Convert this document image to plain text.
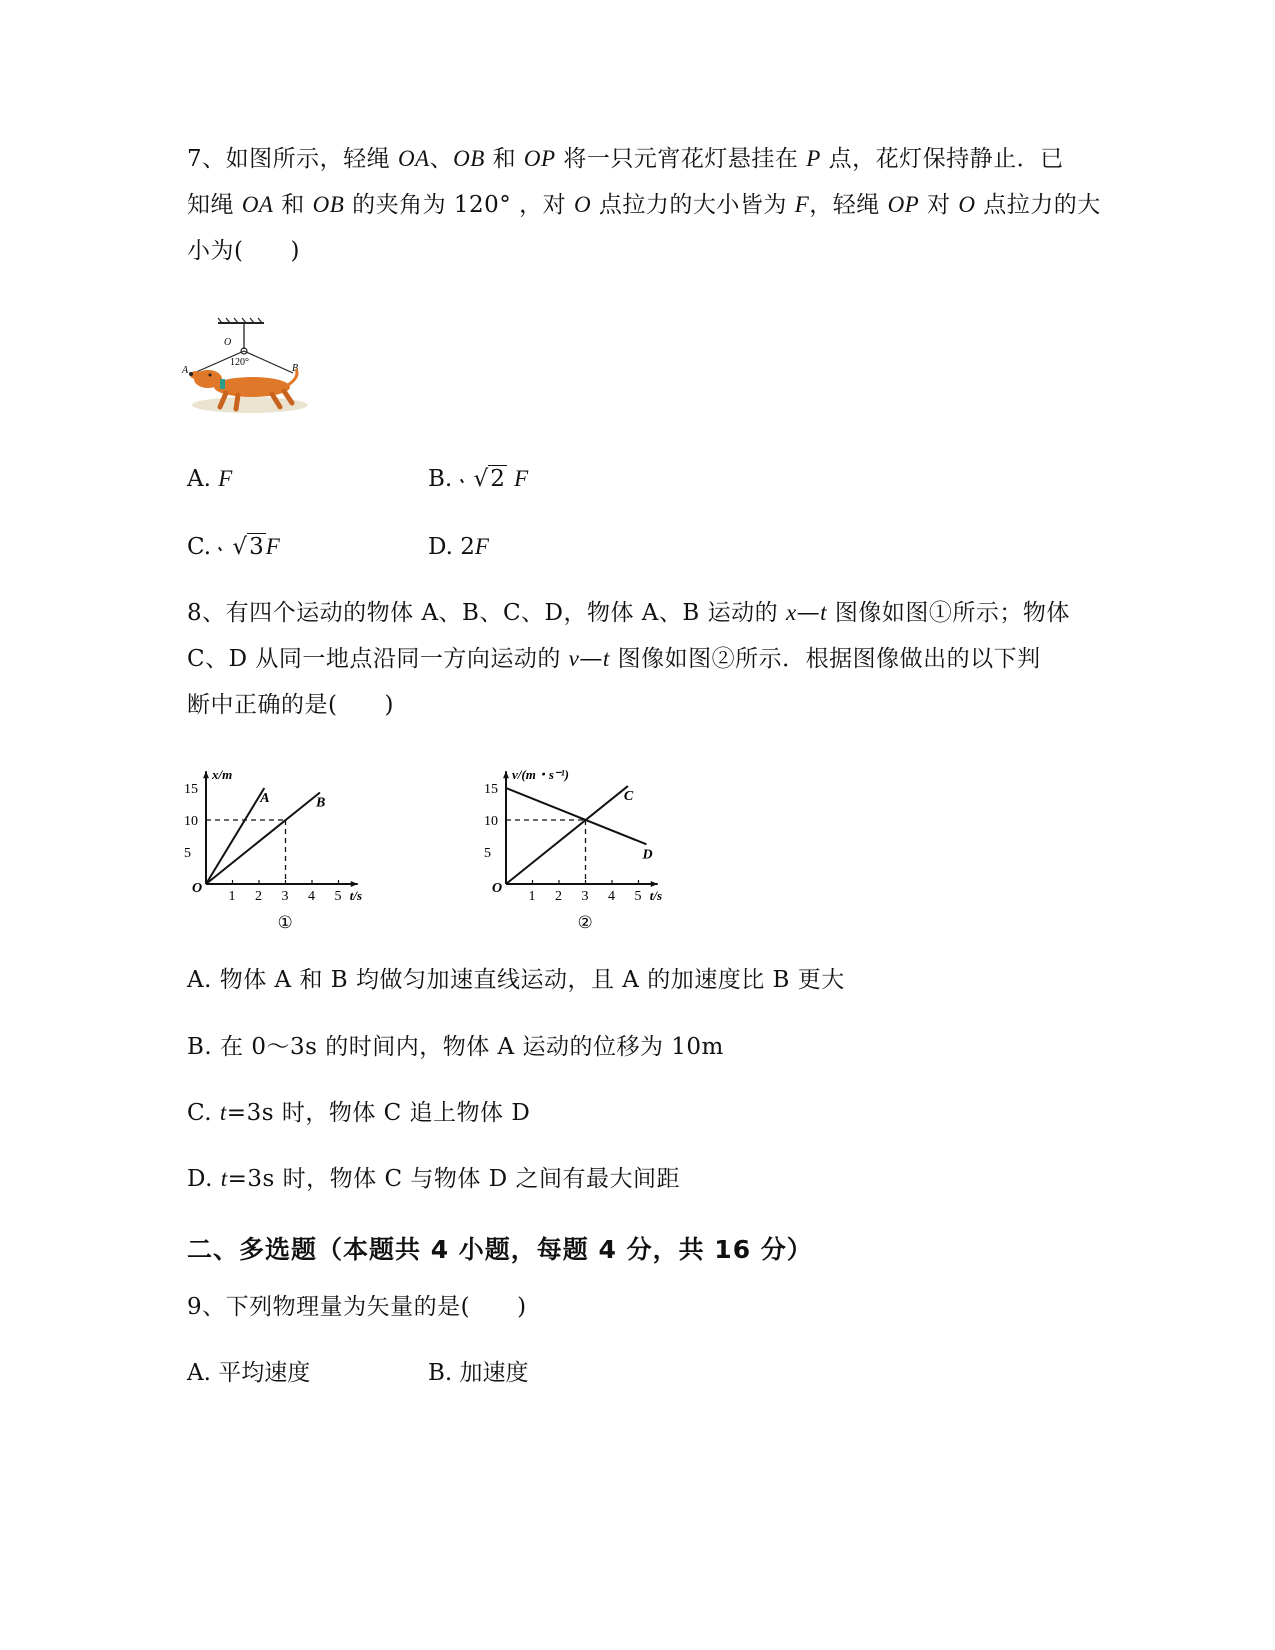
7、如图所示，轻绳 OA、OB 和 OP 将一只元宵花灯悬挂在 P 点，花灯保持静止．已
知绳 OA 和 OB 的夹角为 120° ，对 O 点拉力的大小皆为 F，轻绳 OP 对 O 点拉力的大
小为(　　)
O
120°
A	B
A. F	B. √2 F
C. √3F	D. 2F
8、有四个运动的物体 A、B、C、D，物体 A、B 运动的 x—t 图像如图①所示；物体
C、D 从同一地点沿同一方向运动的 v—t 图像如图②所示．根据图像做出的以下判
断中正确的是(　　)
x/m
t/s
O
1 2 3 4 5
5
10
15
A	B
①
v/(m・s⁻¹)
t/s
O
1 2 3 4 5
5
10
15	C
D
②
A. 物体 A 和 B 均做匀加速直线运动，且 A 的加速度比 B 更大
B. 在 0～3s 的时间内，物体 A 运动的位移为 10m
C. t=3s 时，物体 C 追上物体 D
D. t=3s 时，物体 C 与物体 D 之间有最大间距
二、多选题（本题共 4 小题，每题 4 分，共 16 分）
9、下列物理量为矢量的是(　　)
A. 平均速度	B. 加速度
